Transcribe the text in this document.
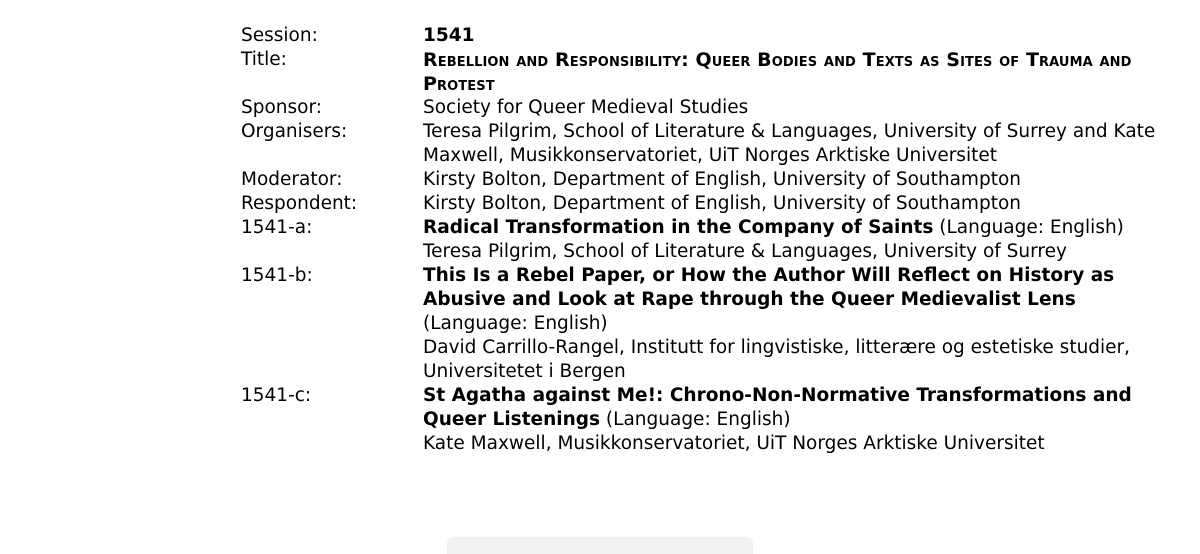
Session:	1541
Title:	Rebellion and Responsibility: Queer Bodies and Texts as Sites of Trauma and Protest
Sponsor:	Society for Queer Medieval Studies
Organisers:	Teresa Pilgrim, School of Literature & Languages, University of Surrey and Kate Maxwell, Musikkonservatoriet, UiT Norges Arktiske Universitet
Moderator:	Kirsty Bolton, Department of English, University of Southampton
Respondent:	Kirsty Bolton, Department of English, University of Southampton
1541-a:	Radical Transformation in the Company of Saints (Language: English)
Teresa Pilgrim, School of Literature & Languages, University of Surrey
1541-b:	This Is a Rebel Paper, or How the Author Will Reflect on History as Abusive and Look at Rape through the Queer Medievalist Lens (Language: English)
David Carrillo-Rangel, Institutt for lingvistiske, litterære og estetiske studier, Universitetet i Bergen
1541-c:	St Agatha against Me!: Chrono-Non-Normative Transformations and Queer Listenings (Language: English)
Kate Maxwell, Musikkonservatoriet, UiT Norges Arktiske Universitet
